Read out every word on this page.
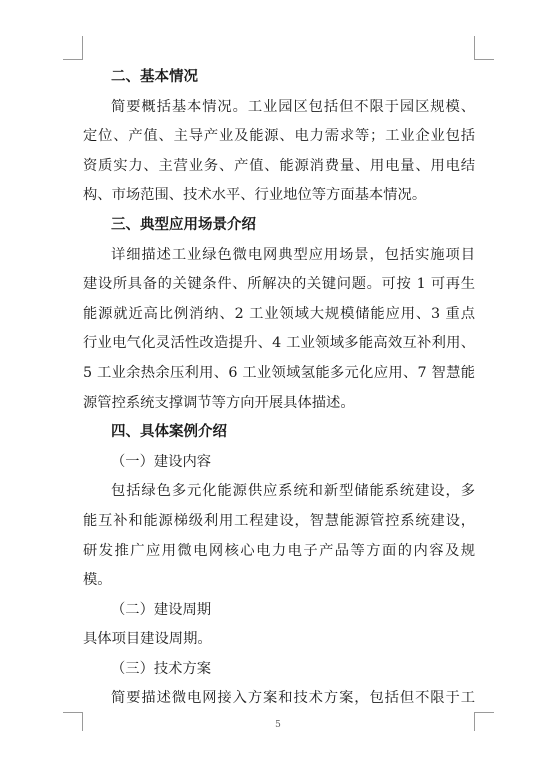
二、基本情况
简要概括基本情况。工业园区包括但不限于园区规模、
定位、产值、主导产业及能源、电力需求等；工业企业包括
资质实力、主营业务、产值、能源消费量、用电量、用电结
构、市场范围、技术水平、行业地位等方面基本情况。
三、典型应用场景介绍
详细描述工业绿色微电网典型应用场景，包括实施项目
建设所具备的关键条件、所解决的关键问题。可按 1 可再生
能源就近高比例消纳、2 工业领域大规模储能应用、3 重点
行业电气化灵活性改造提升、4 工业领域多能高效互补利用、
5 工业余热余压利用、6 工业领域氢能多元化应用、7 智慧能
源管控系统支撑调节等方向开展具体描述。
四、具体案例介绍
（一）建设内容
包括绿色多元化能源供应系统和新型储能系统建设，多
能互补和能源梯级利用工程建设，智慧能源管控系统建设，
研发推广应用微电网核心电力电子产品等方面的内容及规
模。
（二）建设周期
具体项目建设周期。
（三）技术方案
简要描述微电网接入方案和技术方案，包括但不限于工
5
